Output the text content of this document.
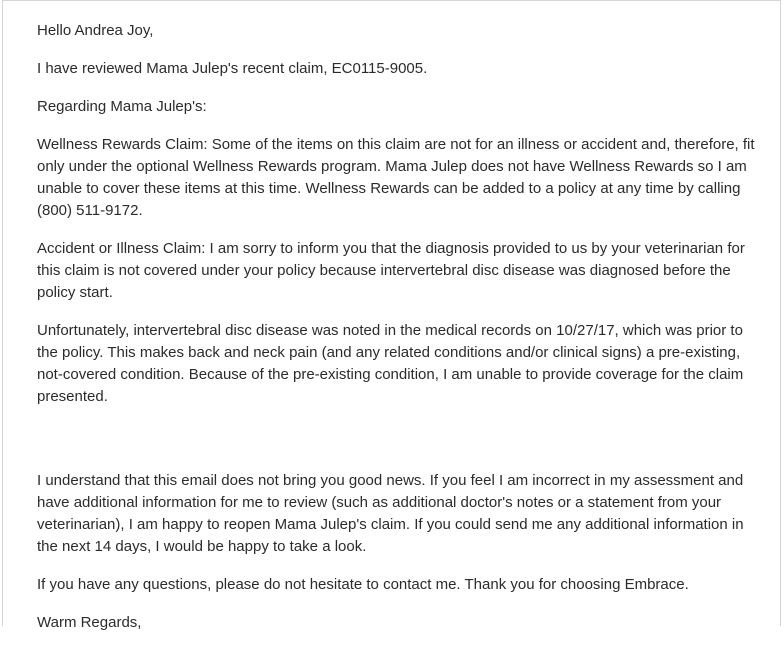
Hello Andrea Joy,

I have reviewed Mama Julep's recent claim, EC0115-9005.

Regarding Mama Julep's:

Wellness Rewards Claim: Some of the items on this claim are not for an illness or accident and, therefore, fit only under the optional Wellness Rewards program. Mama Julep does not have Wellness Rewards so I am unable to cover these items at this time. Wellness Rewards can be added to a policy at any time by calling (800) 511-9172.

Accident or Illness Claim: I am sorry to inform you that the diagnosis provided to us by your veterinarian for this claim is not covered under your policy because intervertebral disc disease was diagnosed before the policy start.

Unfortunately, intervertebral disc disease was noted in the medical records on 10/27/17, which was prior to the policy. This makes back and neck pain (and any related conditions and/or clinical signs) a pre-existing, not-covered condition. Because of the pre-existing condition, I am unable to provide coverage for the claim presented.

I understand that this email does not bring you good news. If you feel I am incorrect in my assessment and have additional information for me to review (such as additional doctor's notes or a statement from your veterinarian), I am happy to reopen Mama Julep's claim. If you could send me any additional information in the next 14 days, I would be happy to take a look.

If you have any questions, please do not hesitate to contact me. Thank you for choosing Embrace.

Warm Regards,
